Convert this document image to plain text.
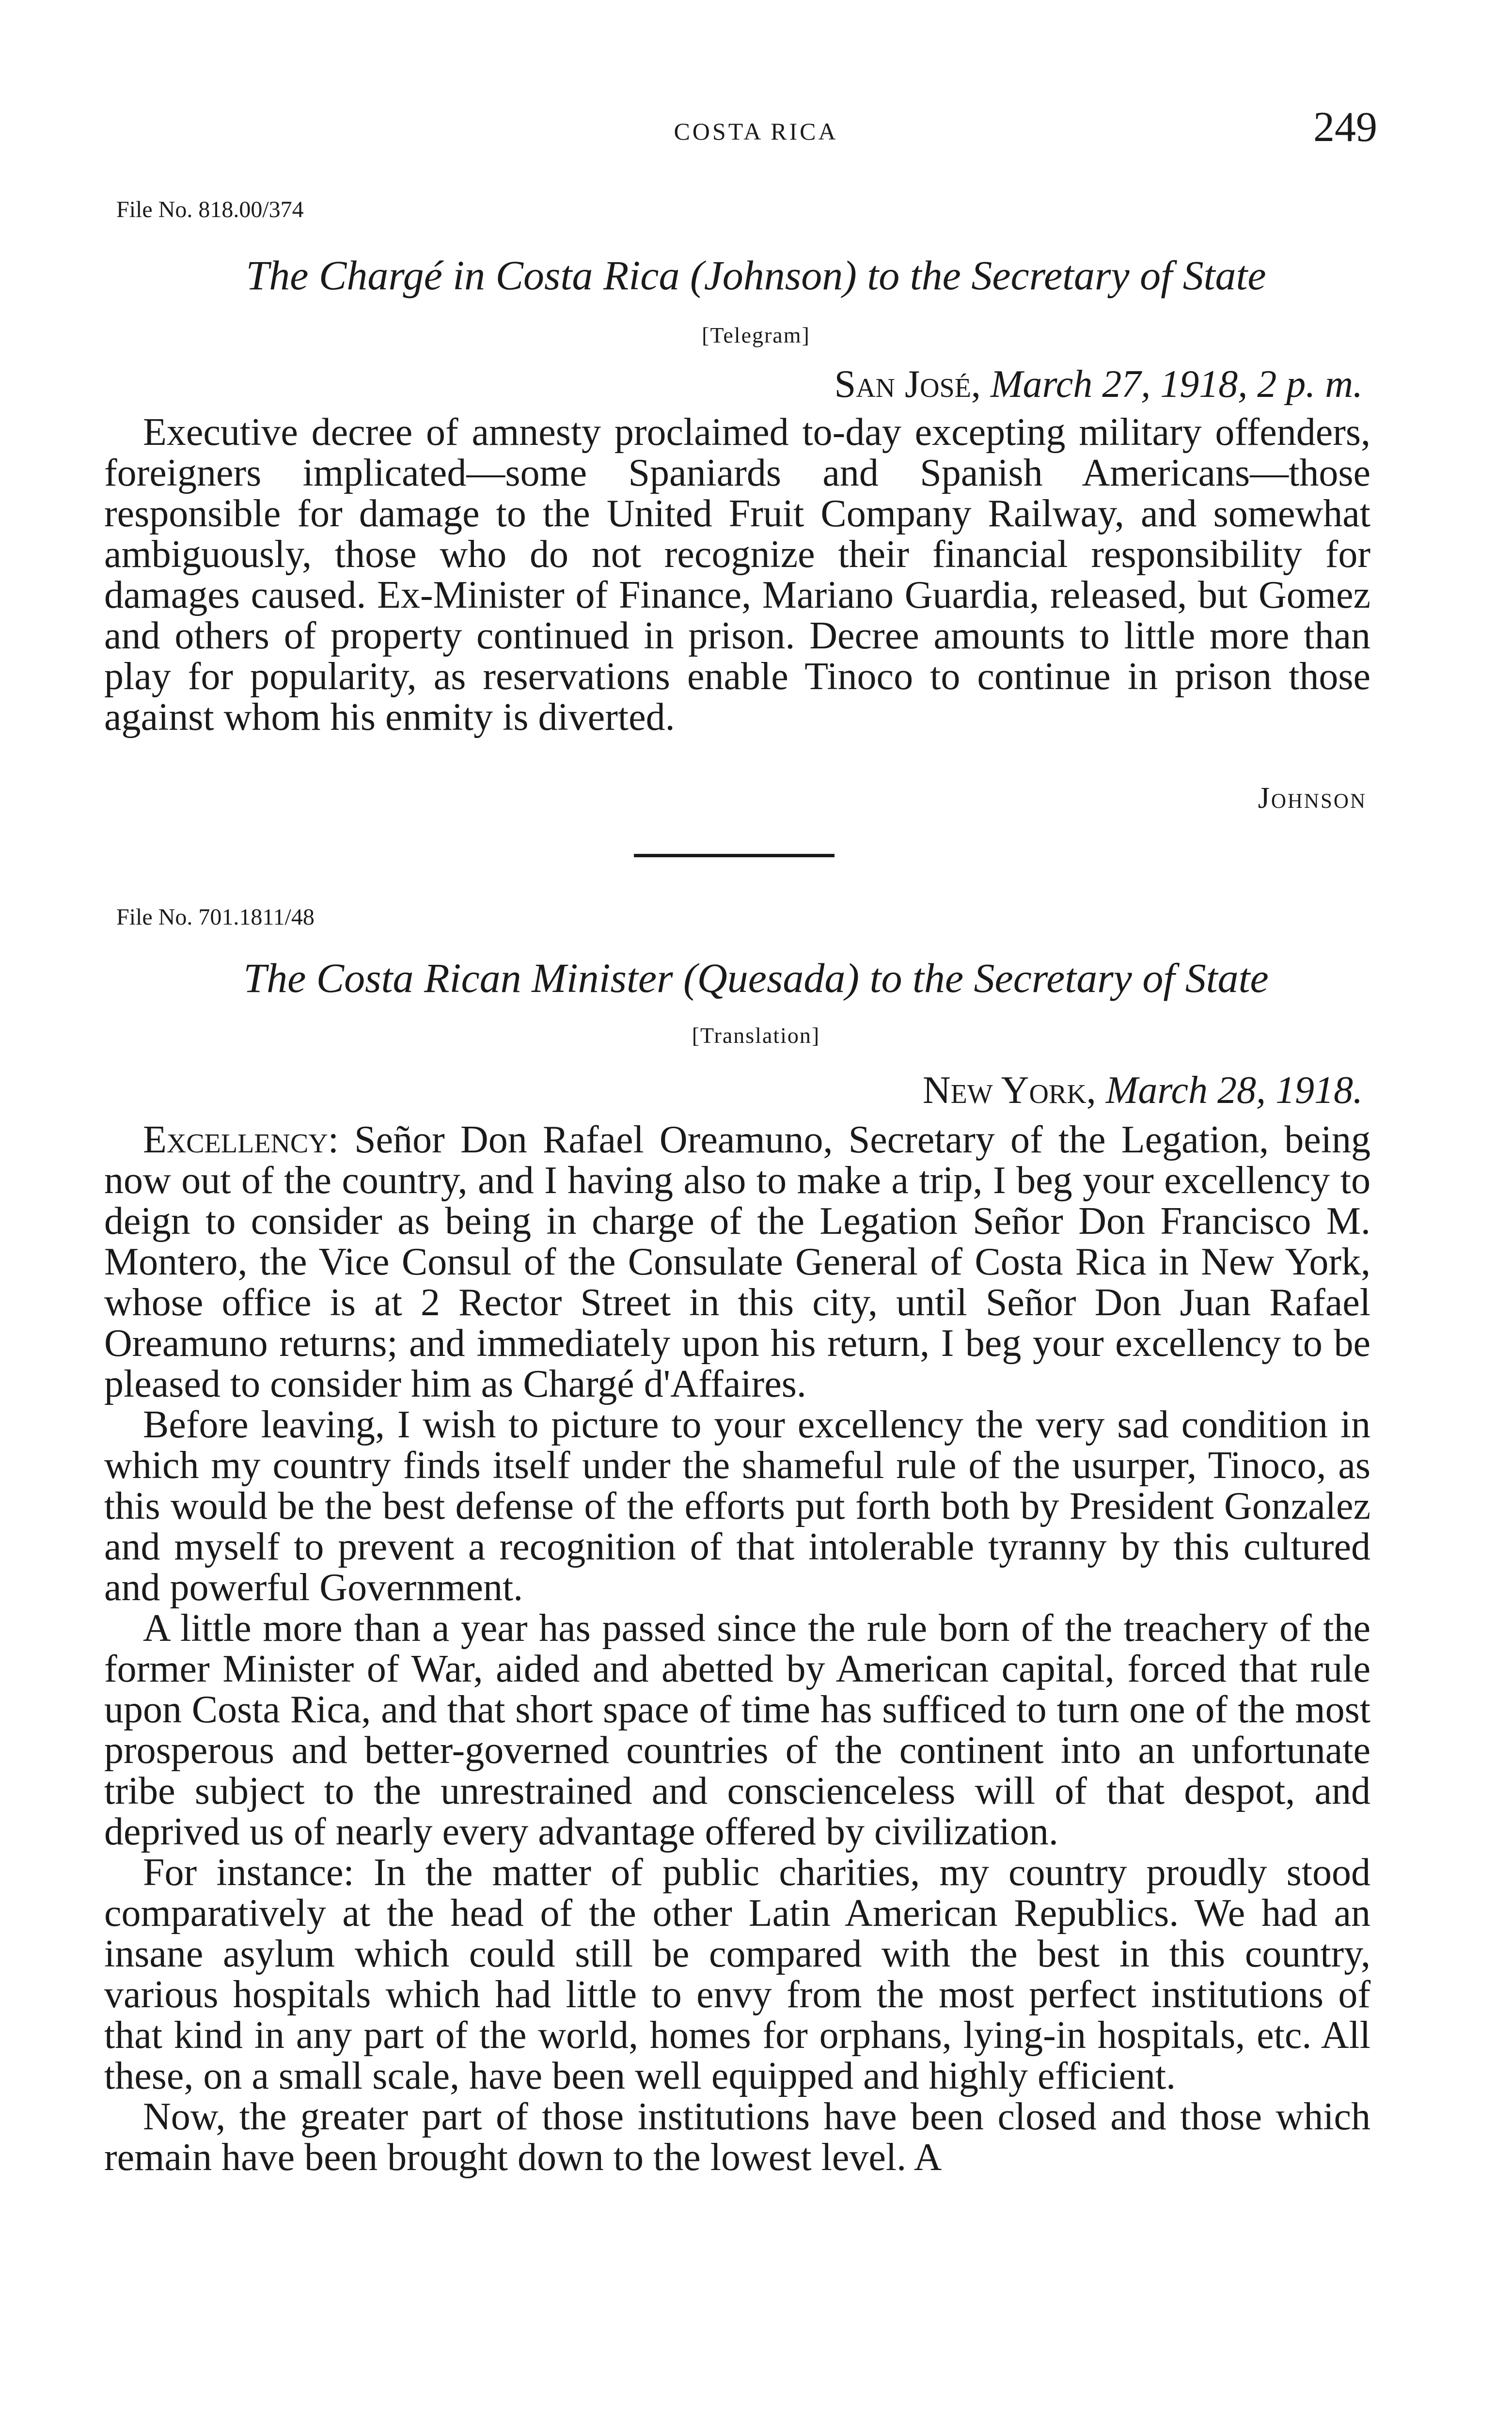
COSTA RICA	249
File No. 818.00/374
The Chargé in Costa Rica (Johnson) to the Secretary of State
[Telegram]
San José, March 27, 1918, 2 p. m.

Executive decree of amnesty proclaimed to-day excepting military offenders, foreigners implicated—some Spaniards and Spanish Americans—those responsible for damage to the United Fruit Company Railway, and somewhat ambiguously, those who do not recognize their financial responsibility for damages caused. Ex-Minister of Finance, Mariano Guardia, released, but Gomez and others of property continued in prison. Decree amounts to little more than play for popularity, as reservations enable Tinoco to continue in prison those against whom his enmity is diverted.

Johnson
File No. 701.1811/48
The Costa Rican Minister (Quesada) to the Secretary of State
[Translation]
New York, March 28, 1918.

Excellency: Señor Don Rafael Oreamuno, Secretary of the Legation, being now out of the country, and I having also to make a trip, I beg your excellency to deign to consider as being in charge of the Legation Señor Don Francisco M. Montero, the Vice Consul of the Consulate General of Costa Rica in New York, whose office is at 2 Rector Street in this city, until Señor Don Juan Rafael Oreamuno returns; and immediately upon his return, I beg your excellency to be pleased to consider him as Chargé d'Affaires.

Before leaving, I wish to picture to your excellency the very sad condition in which my country finds itself under the shameful rule of the usurper, Tinoco, as this would be the best defense of the efforts put forth both by President Gonzalez and myself to prevent a recognition of that intolerable tyranny by this cultured and powerful Government.

A little more than a year has passed since the rule born of the treachery of the former Minister of War, aided and abetted by American capital, forced that rule upon Costa Rica, and that short space of time has sufficed to turn one of the most prosperous and better-governed countries of the continent into an unfortunate tribe subject to the unrestrained and conscienceless will of that despot, and deprived us of nearly every advantage offered by civilization.

For instance: In the matter of public charities, my country proudly stood comparatively at the head of the other Latin American Republics. We had an insane asylum which could still be compared with the best in this country, various hospitals which had little to envy from the most perfect institutions of that kind in any part of the world, homes for orphans, lying-in hospitals, etc. All these, on a small scale, have been well equipped and highly efficient.

Now, the greater part of those institutions have been closed and those which remain have been brought down to the lowest level. A
